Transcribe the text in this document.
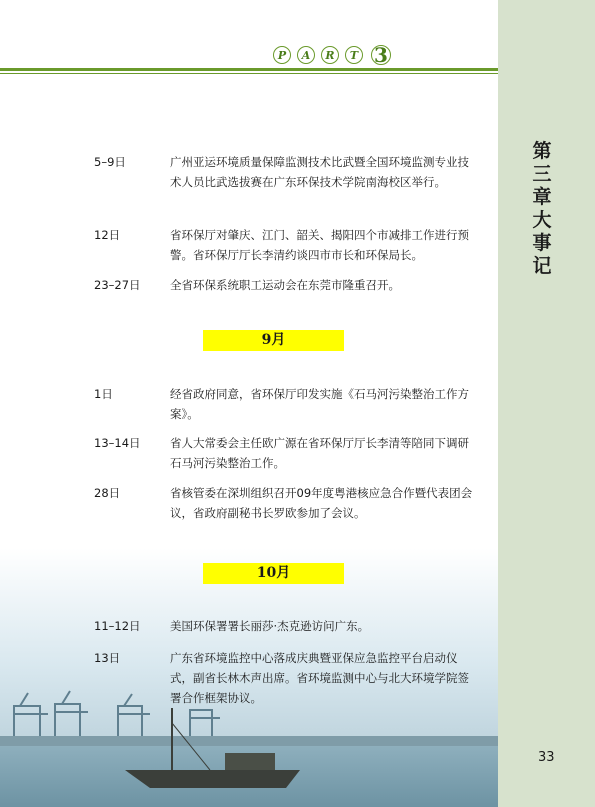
P	A	R	T 3
5–9日	广州亚运环境质量保障监测技术比武暨全国环境监测专业技术人员比武选拔赛在广东环保技术学院南海校区举行。
12日	省环保厅对肇庆、江门、韶关、揭阳四个市减排工作进行预警。省环保厅厅长李清约谈四市市长和环保局长。
23–27日	全省环保系统职工运动会在东莞市隆重召开。
9月
1日	经省政府同意，省环保厅印发实施《石马河污染整治工作方案》。
13–14日	省人大常委会主任欧广源在省环保厅厅长李清等陪同下调研石马河污染整治工作。
28日	省核管委在深圳组织召开09年度粤港核应急合作暨代表团会议，省政府副秘书长罗欧参加了会议。
10月
11–12日	美国环保署署长丽莎·杰克逊访问广东。
13日	广东省环境监控中心落成庆典暨亚保应急监控平台启动仪式，副省长林木声出席。省环境监测中心与北大环境学院签署合作框架协议。
第三章 大事记
33
